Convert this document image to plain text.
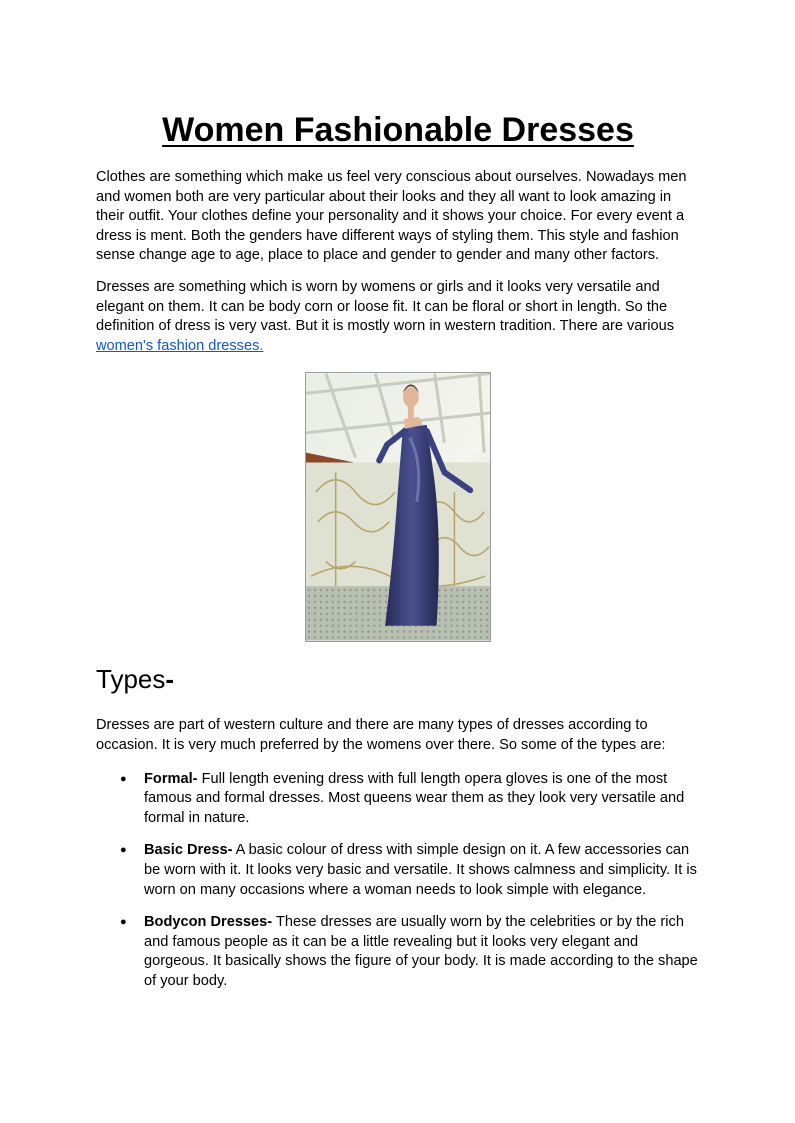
Women Fashionable Dresses

Clothes are something which make us feel very conscious about ourselves. Nowadays men and women both are very particular about their looks and they all want to look amazing in their outfit. Your clothes define your personality and it shows your choice. For every event a dress is ment. Both the genders have different ways of styling them. This style and fashion sense change age to age, place to place and gender to gender and many other factors.

Dresses are something which is worn by womens or girls and it looks very versatile and elegant on them. It can be body corn or loose fit. It can be floral or short in length. So the definition of dress is very vast. But it is mostly worn in western tradition. There are various women's fashion dresses.

Types-

Dresses are part of western culture and there are many types of dresses according to occasion. It is very much preferred by the womens over there. So some of the types are:

● Formal- Full length evening dress with full length opera gloves is one of the most famous and formal dresses. Most queens wear them as they look very versatile and formal in nature.
● Basic Dress- A basic colour of dress with simple design on it. A few accessories can be worn with it. It looks very basic and versatile. It shows calmness and simplicity. It is worn on many occasions where a woman needs to look simple with elegance.
● Bodycon Dresses- These dresses are usually worn by the celebrities or by the rich and famous people as it can be a little revealing but it looks very elegant and gorgeous. It basically shows the figure of your body. It is made according to the shape of your body.
